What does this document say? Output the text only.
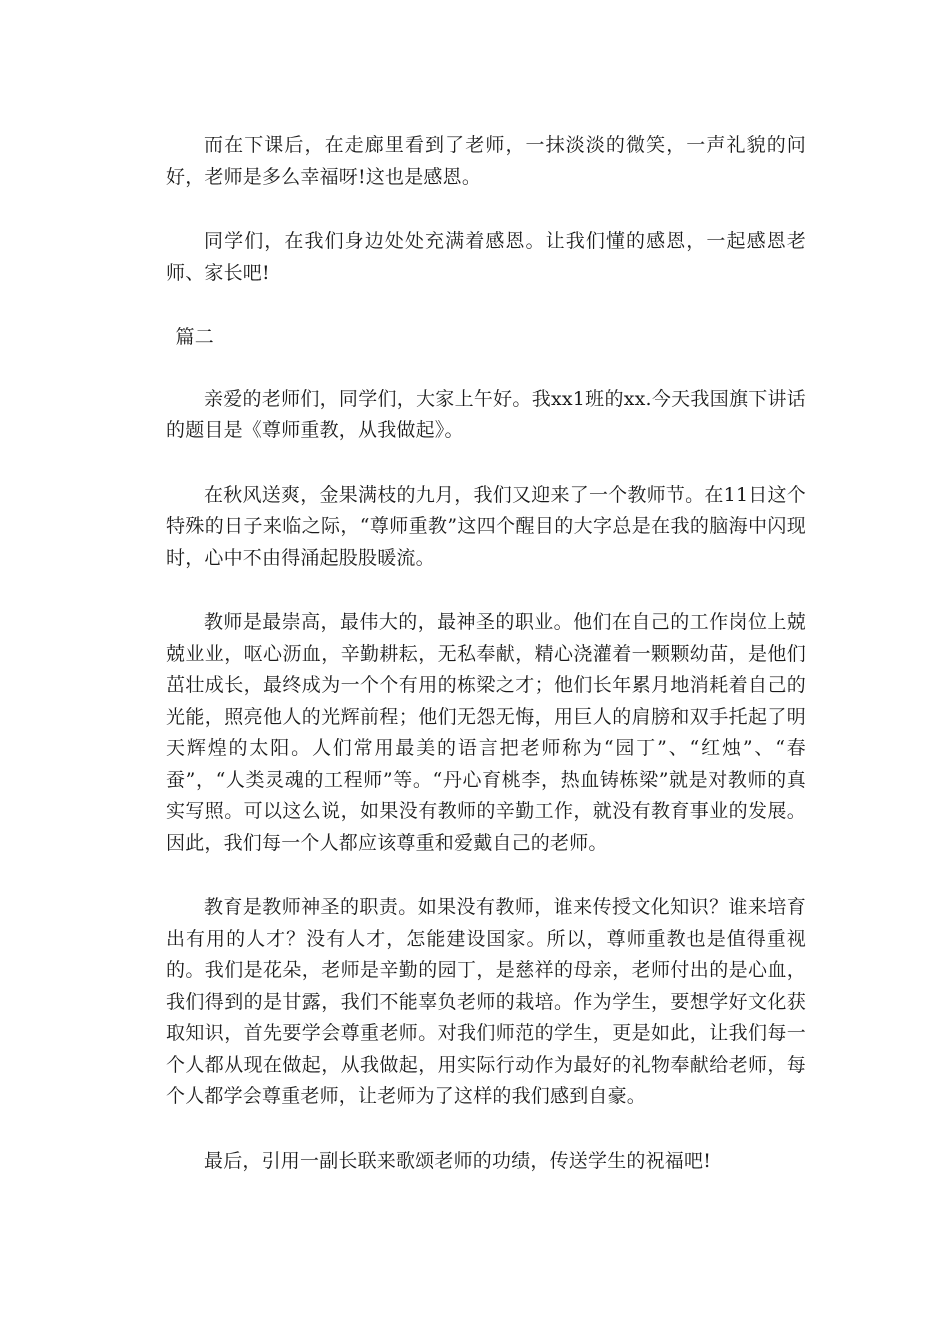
而在下课后，在走廊里看到了老师，一抹淡淡的微笑，一声礼貌的问好，老师是多么幸福呀!这也是感恩。

同学们，在我们身边处处充满着感恩。让我们懂的感恩，一起感恩老师、家长吧!

篇二

亲爱的老师们，同学们，大家上午好。我xx1班的xx.今天我国旗下讲话的题目是《尊师重教，从我做起》。

在秋风送爽，金果满枝的九月，我们又迎来了一个教师节。在11日这个特殊的日子来临之际，“尊师重教”这四个醒目的大字总是在我的脑海中闪现时，心中不由得涌起股股暖流。

教师是最崇高，最伟大的，最神圣的职业。他们在自己的工作岗位上兢兢业业，呕心沥血，辛勤耕耘，无私奉献，精心浇灌着一颗颗幼苗，是他们茁壮成长，最终成为一个个有用的栋梁之才；他们长年累月地消耗着自己的光能，照亮他人的光辉前程；他们无怨无悔，用巨人的肩膀和双手托起了明天辉煌的太阳。人们常用最美的语言把老师称为“园丁”、“红烛”、“春蚕”，“人类灵魂的工程师”等。“丹心育桃李，热血铸栋梁”就是对教师的真实写照。可以这么说，如果没有教师的辛勤工作，就没有教育事业的发展。因此，我们每一个人都应该尊重和爱戴自己的老师。

教育是教师神圣的职责。如果没有教师，谁来传授文化知识？谁来培育出有用的人才？没有人才，怎能建设国家。所以，尊师重教也是值得重视的。我们是花朵，老师是辛勤的园丁，是慈祥的母亲，老师付出的是心血，我们得到的是甘露，我们不能辜负老师的栽培。作为学生，要想学好文化获取知识，首先要学会尊重老师。对我们师范的学生，更是如此，让我们每一个人都从现在做起，从我做起，用实际行动作为最好的礼物奉献给老师，每个人都学会尊重老师，让老师为了这样的我们感到自豪。

最后，引用一副长联来歌颂老师的功绩，传送学生的祝福吧!
